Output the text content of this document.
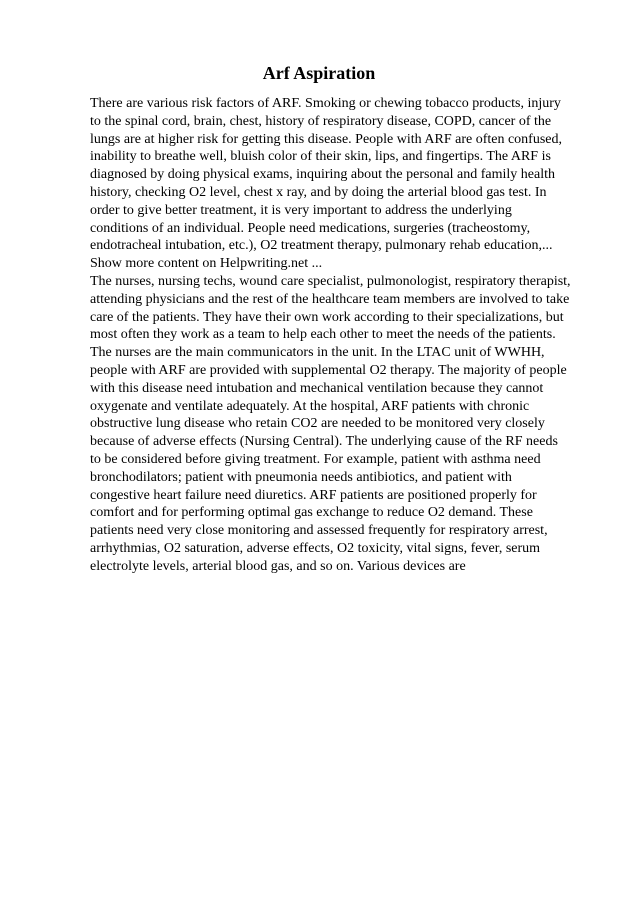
Arf Aspiration
There are various risk factors of ARF. Smoking or chewing tobacco products, injury
to the spinal cord, brain, chest, history of respiratory disease, COPD, cancer of the
lungs are at higher risk for getting this disease. People with ARF are often confused,
inability to breathe well, bluish color of their skin, lips, and fingertips. The ARF is
diagnosed by doing physical exams, inquiring about the personal and family health
history, checking O2 level, chest x ray, and by doing the arterial blood gas test. In
order to give better treatment, it is very important to address the underlying
conditions of an individual. People need medications, surgeries (tracheostomy,
endotracheal intubation, etc.), O2 treatment therapy, pulmonary rehab education,...
Show more content on Helpwriting.net ...
The nurses, nursing techs, wound care specialist, pulmonologist, respiratory therapist,
attending physicians and the rest of the healthcare team members are involved to take
care of the patients. They have their own work according to their specializations, but
most often they work as a team to help each other to meet the needs of the patients.
The nurses are the main communicators in the unit. In the LTAC unit of WWHH,
people with ARF are provided with supplemental O2 therapy. The majority of people
with this disease need intubation and mechanical ventilation because they cannot
oxygenate and ventilate adequately. At the hospital, ARF patients with chronic
obstructive lung disease who retain CO2 are needed to be monitored very closely
because of adverse effects (Nursing Central). The underlying cause of the RF needs
to be considered before giving treatment. For example, patient with asthma need
bronchodilators; patient with pneumonia needs antibiotics, and patient with
congestive heart failure need diuretics. ARF patients are positioned properly for
comfort and for performing optimal gas exchange to reduce O2 demand. These
patients need very close monitoring and assessed frequently for respiratory arrest,
arrhythmias, O2 saturation, adverse effects, O2 toxicity, vital signs, fever, serum
electrolyte levels, arterial blood gas, and so on. Various devices are
